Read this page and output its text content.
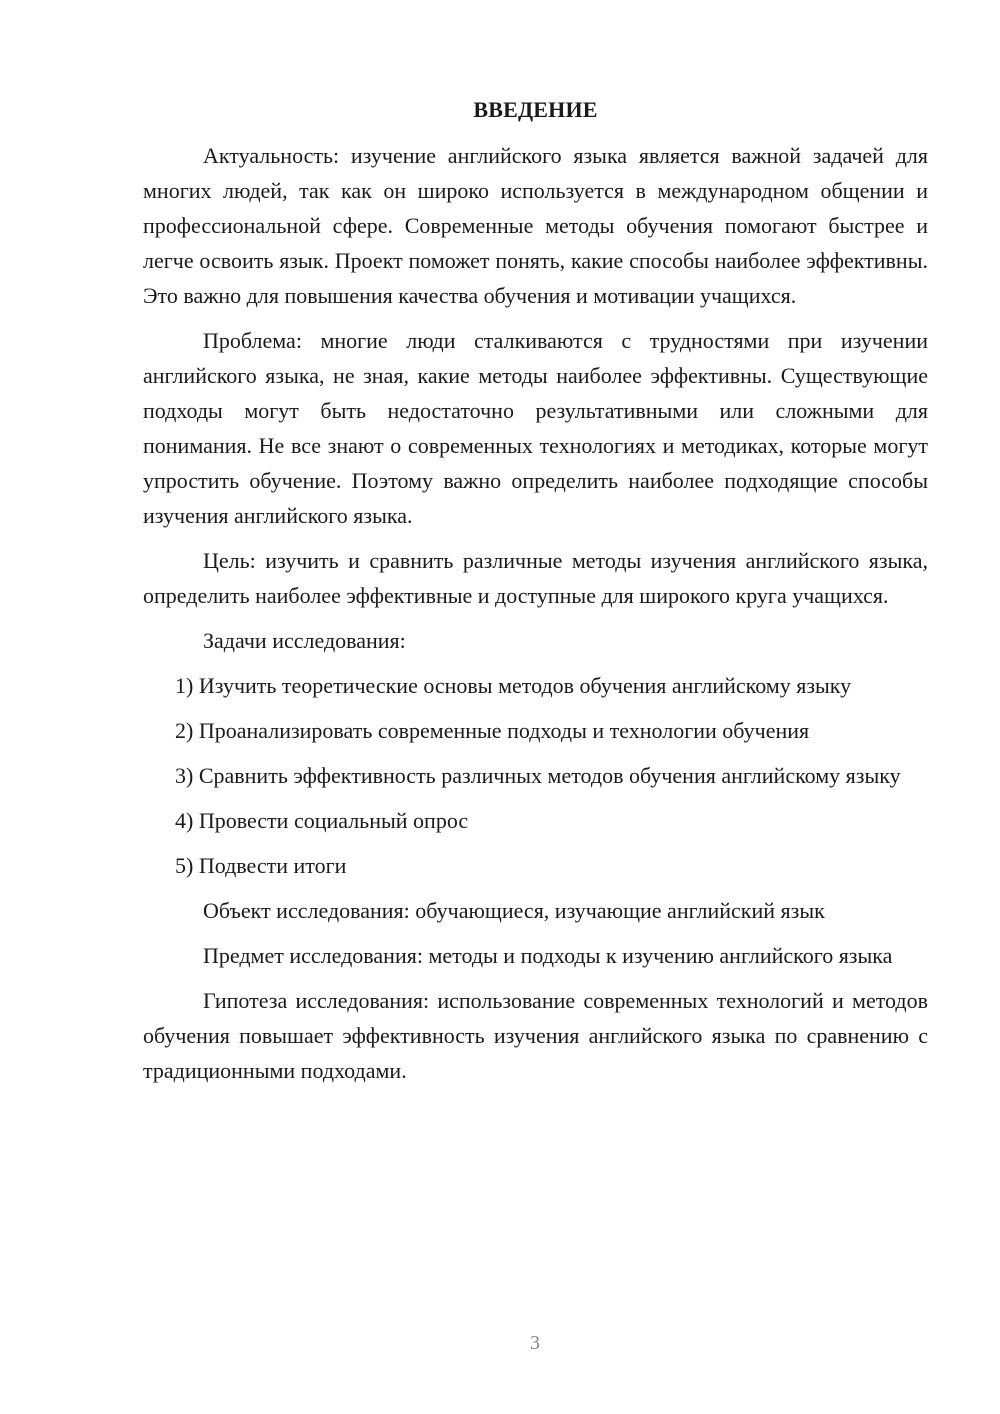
ВВЕДЕНИЕ

Актуальность: изучение английского языка является важной задачей для многих людей, так как он широко используется в международном общении и профессиональной сфере. Современные методы обучения помогают быстрее и легче освоить язык. Проект поможет понять, какие способы наиболее эффективны. Это важно для повышения качества обучения и мотивации учащихся.

Проблема: многие люди сталкиваются с трудностями при изучении английского языка, не зная, какие методы наиболее эффективны. Существующие подходы могут быть недостаточно результативными или сложными для понимания. Не все знают о современных технологиях и методиках, которые могут упростить обучение. Поэтому важно определить наиболее подходящие способы изучения английского языка.

Цель: изучить и сравнить различные методы изучения английского языка, определить наиболее эффективные и доступные для широкого круга учащихся.

Задачи исследования:

1) Изучить теоретические основы методов обучения английскому языку

2) Проанализировать современные подходы и технологии обучения

3) Сравнить эффективность различных методов обучения английскому языку

4) Провести социальный опрос

5) Подвести итоги

Объект исследования: обучающиеся, изучающие английский язык

Предмет исследования: методы и подходы к изучению английского языка

Гипотеза исследования: использование современных технологий и методов обучения повышает эффективность изучения английского языка по сравнению с традиционными подходами.

3
